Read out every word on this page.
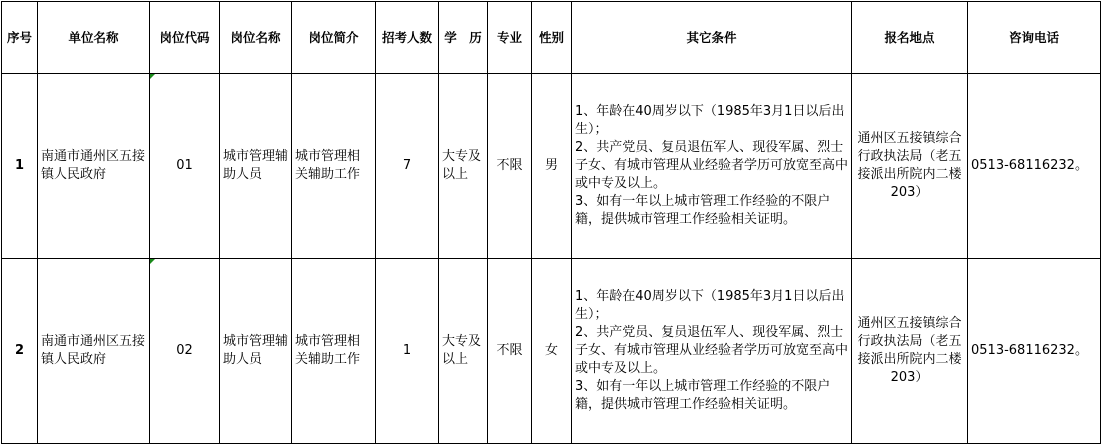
序号	单位名称	岗位代码	岗位名称	岗位简介	招考人数	学　历	专业	性别	其它条件	报名地点	咨询电话
1	南通市通州区五接镇人民政府	01	城市管理辅助人员	城市管理相关辅助工作	7	大专及以上	不限	男	1、年龄在40周岁以下（1985年3月1日以后出生）；
2、共产党员、复员退伍军人、现役军属、烈士子女、有城市管理从业经验者学历可放宽至高中或中专及以上。
3、如有一年以上城市管理工作经验的不限户籍，提供城市管理工作经验相关证明。	通州区五接镇综合行政执法局（老五接派出所院内二楼203）	0513-68116232。
2	南通市通州区五接镇人民政府	02	城市管理辅助人员	城市管理相关辅助工作	1	大专及以上	不限	女	1、年龄在40周岁以下（1985年3月1日以后出生）；
2、共产党员、复员退伍军人、现役军属、烈士子女、有城市管理从业经验者学历可放宽至高中或中专及以上。
3、如有一年以上城市管理工作经验的不限户籍，提供城市管理工作经验相关证明。	通州区五接镇综合行政执法局（老五接派出所院内二楼203）	0513-68116232。
